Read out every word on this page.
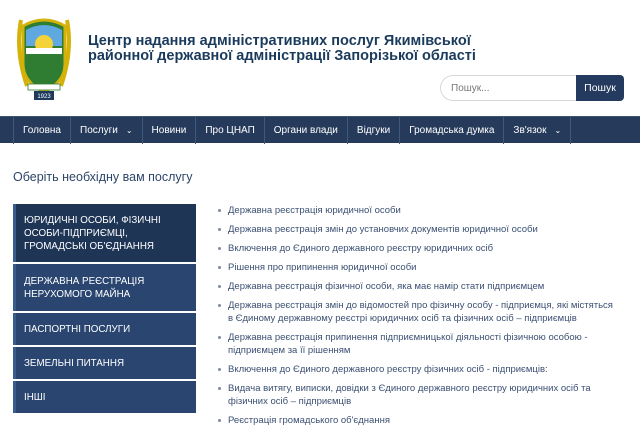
1923
Центр надання адміністративних послуг Якимівської
районної державної адміністрації Запорізької області
Пошук...
Пошук
Головна Послуги ⌄ Новини Про ЦНАП Органи влади Відгуки Громадська думка Зв'язок ⌄
Оберіть необхідну вам послугу
ЮРИДИЧНІ ОСОБИ, ФІЗИЧНІ ОСОБИ-ПІДПРИЄМЦІ, ГРОМАДСЬКІ ОБ'ЄДНАННЯ
ДЕРЖАВНА РЕЄСТРАЦІЯ НЕРУХОМОГО МАЙНА
ПАСПОРТНІ ПОСЛУГИ
ЗЕМЕЛЬНІ ПИТАННЯ
ІНШІ
Державна реєстрація юридичної особи
Державна реєстрація змін до установчих документів юридичної особи
Включення до Єдиного державного реєстру юридичних осіб
Рішення про припинення юридичної особи
Державна реєстрація фізичної особи, яка має намір стати підприємцем
Державна реєстрація змін до відомостей про фізичну особу - підприємця, які містяться в Єдиному державному реєстрі юридичних осіб та фізичних осіб – підприємців
Державна реєстрація припинення підприємницької діяльності фізичною особою - підприємцем за її рішенням
Включення до Єдиного державного реєстру фізичних осіб - підприємців:
Видача витягу, виписки, довідки з Єдиного державного реєстру юридичних осіб та фізичних осіб – підприємців
Реєстрація громадського об'єднання
